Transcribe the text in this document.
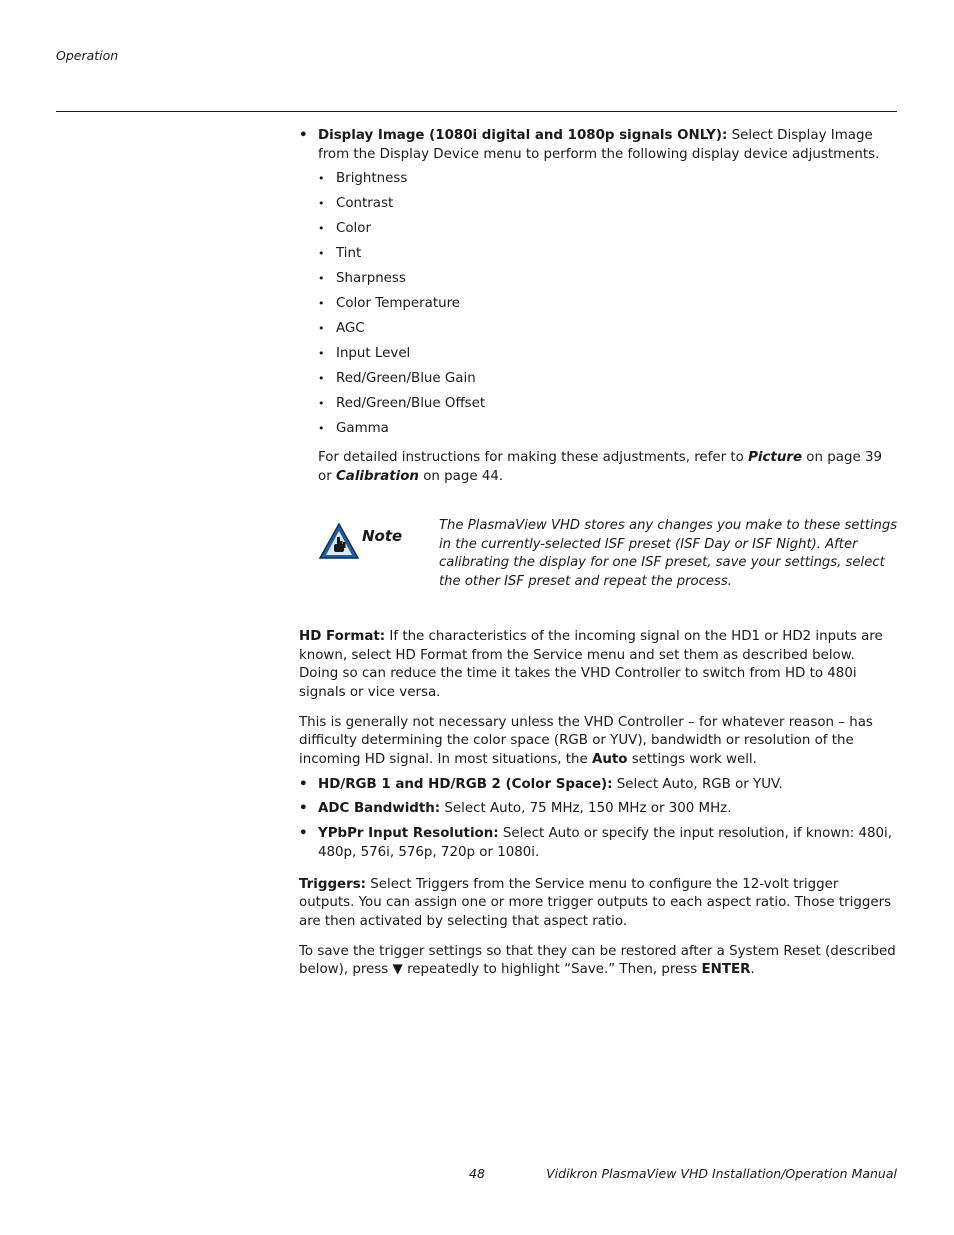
Operation
• Display Image (1080i digital and 1080p signals ONLY): Select Display Image from the Display Device menu to perform the following display device adjustments.
• Brightness
• Contrast
• Color
• Tint
• Sharpness
• Color Temperature
• AGC
• Input Level
• Red/Green/Blue Gain
• Red/Green/Blue Offset
• Gamma

For detailed instructions for making these adjustments, refer to Picture on page 39 or Calibration on page 44.

Note
The PlasmaView VHD stores any changes you make to these settings in the currently-selected ISF preset (ISF Day or ISF Night). After calibrating the display for one ISF preset, save your settings, select the other ISF preset and repeat the process.

HD Format: If the characteristics of the incoming signal on the HD1 or HD2 inputs are known, select HD Format from the Service menu and set them as described below. Doing so can reduce the time it takes the VHD Controller to switch from HD to 480i signals or vice versa.

This is generally not necessary unless the VHD Controller – for whatever reason – has difficulty determining the color space (RGB or YUV), bandwidth or resolution of the incoming HD signal. In most situations, the Auto settings work well.

• HD/RGB 1 and HD/RGB 2 (Color Space): Select Auto, RGB or YUV.
• ADC Bandwidth: Select Auto, 75 MHz, 150 MHz or 300 MHz.
• YPbPr Input Resolution: Select Auto or specify the input resolution, if known: 480i, 480p, 576i, 576p, 720p or 1080i.

Triggers: Select Triggers from the Service menu to configure the 12-volt trigger outputs. You can assign one or more trigger outputs to each aspect ratio. Those triggers are then activated by selecting that aspect ratio.

To save the trigger settings so that they can be restored after a System Reset (described below), press ▼ repeatedly to highlight “Save.” Then, press ENTER.

48	Vidikron PlasmaView VHD Installation/Operation Manual
